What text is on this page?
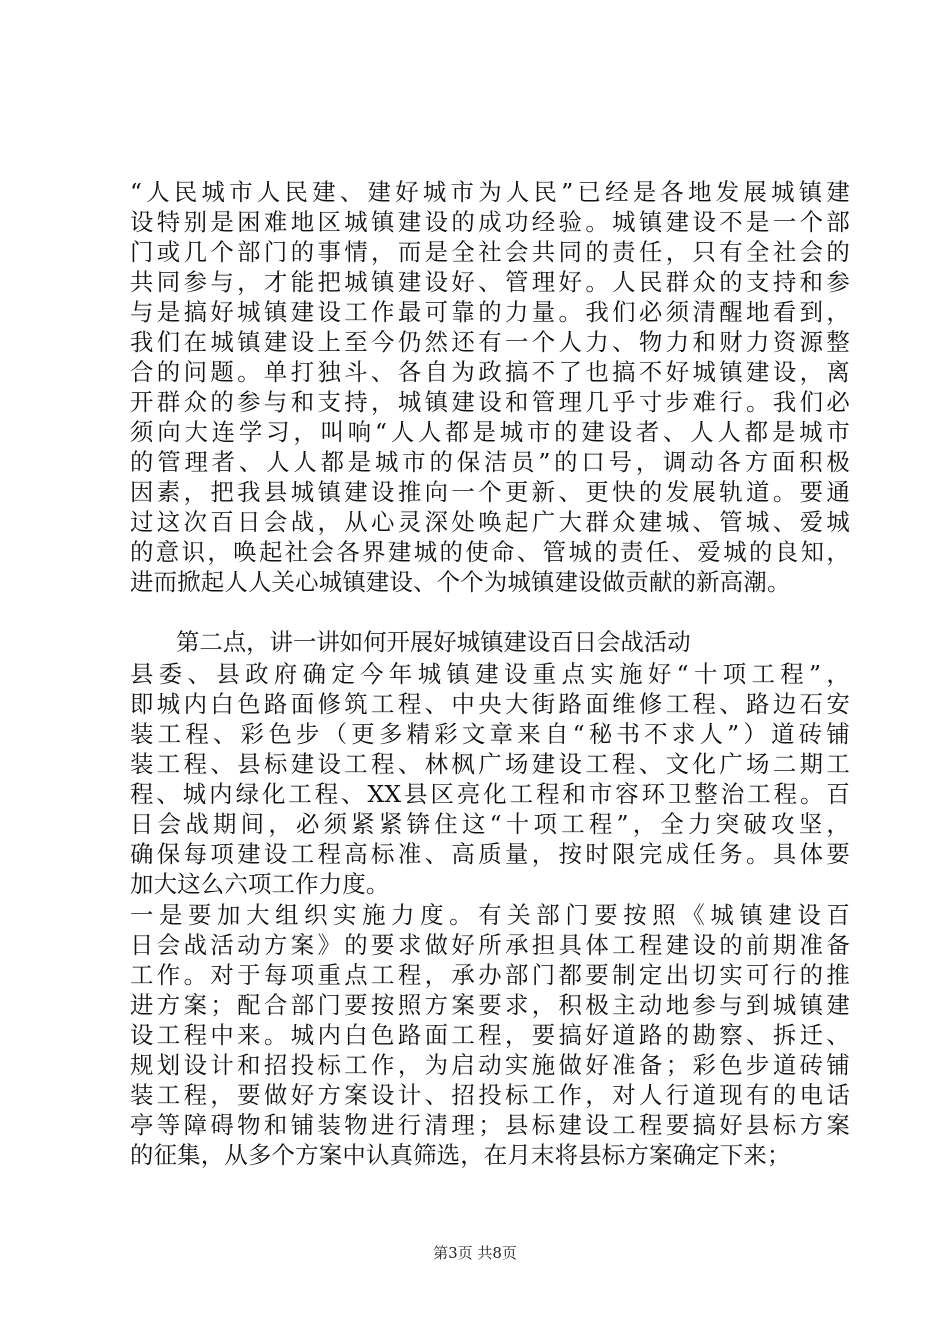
“人民城市人民建、建好城市为人民”已经是各地发展城镇建
设特别是困难地区城镇建设的成功经验。城镇建设不是一个部
门或几个部门的事情，而是全社会共同的责任，只有全社会的
共同参与，才能把城镇建设好、管理好。人民群众的支持和参
与是搞好城镇建设工作最可靠的力量。我们必须清醒地看到，
我们在城镇建设上至今仍然还有一个人力、物力和财力资源整
合的问题。单打独斗、各自为政搞不了也搞不好城镇建设，离
开群众的参与和支持，城镇建设和管理几乎寸步难行。我们必
须向大连学习，叫响“人人都是城市的建设者、人人都是城市
的管理者、人人都是城市的保洁员”的口号，调动各方面积极
因素，把我县城镇建设推向一个更新、更快的发展轨道。要通
过这次百日会战，从心灵深处唤起广大群众建城、管城、爱城
的意识，唤起社会各界建城的使命、管城的责任、爱城的良知，
进而掀起人人关心城镇建设、个个为城镇建设做贡献的新高潮。
第二点，讲一讲如何开展好城镇建设百日会战活动
县委、县政府确定今年城镇建设重点实施好“十项工程”，
即城内白色路面修筑工程、中央大街路面维修工程、路边石安
装工程、彩色步（更多精彩文章来自“秘书不求人”）道砖铺
装工程、县标建设工程、林枫广场建设工程、文化广场二期工
程、城内绿化工程、XX县区亮化工程和市容环卫整治工程。百
日会战期间，必须紧紧锛住这“十项工程”，全力突破攻坚，
确保每项建设工程高标准、高质量，按时限完成任务。具体要
加大这么六项工作力度。
一是要加大组织实施力度。有关部门要按照《城镇建设百
日会战活动方案》的要求做好所承担具体工程建设的前期准备
工作。对于每项重点工程，承办部门都要制定出切实可行的推
进方案；配合部门要按照方案要求，积极主动地参与到城镇建
设工程中来。城内白色路面工程，要搞好道路的勘察、拆迁、
规划设计和招投标工作，为启动实施做好准备；彩色步道砖铺
装工程，要做好方案设计、招投标工作，对人行道现有的电话
亭等障碍物和铺装物进行清理；县标建设工程要搞好县标方案
的征集，从多个方案中认真筛选，在月末将县标方案确定下来；
第3页 共8页
